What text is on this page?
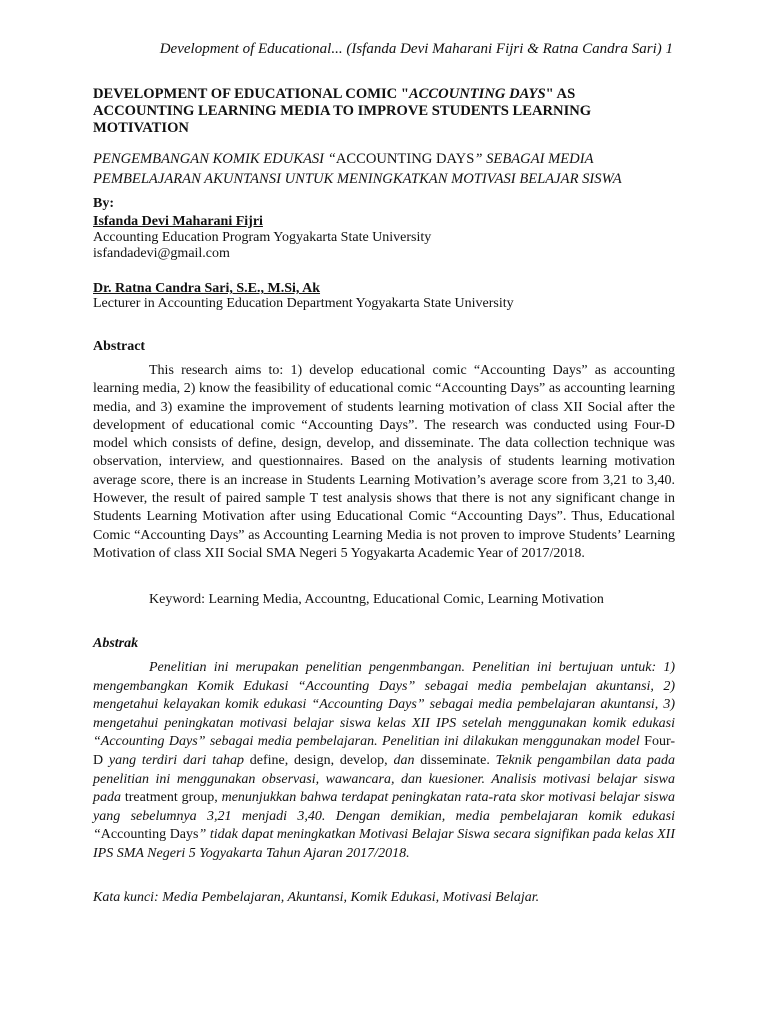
Development of Educational... (Isfanda Devi Maharani Fijri & Ratna Candra Sari) 1
DEVELOPMENT OF EDUCATIONAL COMIC "ACCOUNTING DAYS" AS ACCOUNTING LEARNING MEDIA TO IMPROVE STUDENTS LEARNING MOTIVATION
PENGEMBANGAN KOMIK EDUKASI “ACCOUNTING DAYS” SEBAGAI MEDIA PEMBELAJARAN AKUNTANSI UNTUK MENINGKATKAN MOTIVASI BELAJAR SISWA
By:
Isfanda Devi Maharani Fijri
Accounting Education Program Yogyakarta State University
isfandadevi@gmail.com
Dr. Ratna Candra Sari, S.E., M.Si, Ak
Lecturer in Accounting Education Department Yogyakarta State University
Abstract
This research aims to: 1) develop educational comic “Accounting Days” as accounting learning media, 2) know the feasibility of educational comic “Accounting Days” as accounting learning media, and 3) examine the improvement of students learning motivation of class XII Social after the development of educational comic “Accounting Days”. The research was conducted using Four-D model which consists of define, design, develop, and disseminate. The data collection technique was observation, interview, and questionnaires. Based on the analysis of students learning motivation average score, there is an increase in Students Learning Motivation’s average score from 3,21 to 3,40. However, the result of paired sample T test analysis shows that there is not any significant change in Students Learning Motivation after using Educational Comic “Accounting Days”. Thus, Educational Comic “Accounting Days” as Accounting Learning Media is not proven to improve Students’ Learning Motivation of class XII Social SMA Negeri 5 Yogyakarta Academic Year of 2017/2018.
Keyword: Learning Media, Accountng, Educational Comic, Learning Motivation
Abstrak
Penelitian ini merupakan penelitian pengenmbangan. Penelitian ini bertujuan untuk: 1) mengembangkan Komik Edukasi “Accounting Days” sebagai media pembelajan akuntansi, 2) mengetahui kelayakan komik edukasi “Accounting Days” sebagai media pembelajaran akuntansi, 3) mengetahui peningkatan motivasi belajar siswa kelas XII IPS setelah menggunakan komik edukasi “Accounting Days” sebagai media pembelajaran. Penelitian ini dilakukan menggunakan model Four-D yang terdiri dari tahap define, design, develop, dan disseminate. Teknik pengambilan data pada penelitian ini menggunakan observasi, wawancara, dan kuesioner. Analisis motivasi belajar siswa pada treatment group, menunjukkan bahwa terdapat peningkatan rata-rata skor motivasi belajar siswa yang sebelumnya 3,21 menjadi 3,40. Dengan demikian, media pembelajaran komik edukasi “Accounting Days” tidak dapat meningkatkan Motivasi Belajar Siswa secara signifikan pada kelas XII IPS SMA Negeri 5 Yogyakarta Tahun Ajaran 2017/2018.
Kata kunci: Media Pembelajaran, Akuntansi, Komik Edukasi, Motivasi Belajar.
